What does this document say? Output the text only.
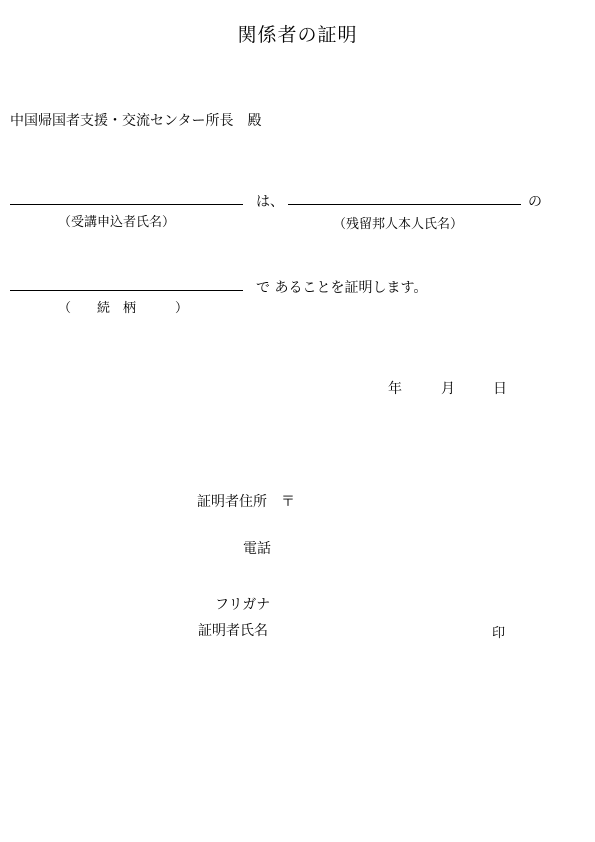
関係者の証明
中国帰国者支援・交流センター所長　殿
は、	の
（受講申込者氏名）	（残留邦人本人氏名）
で あることを証明します。
（　　続　柄　　　）
年	月	日
証明者住所 〒
電話
フリガナ
証明者氏名	印
